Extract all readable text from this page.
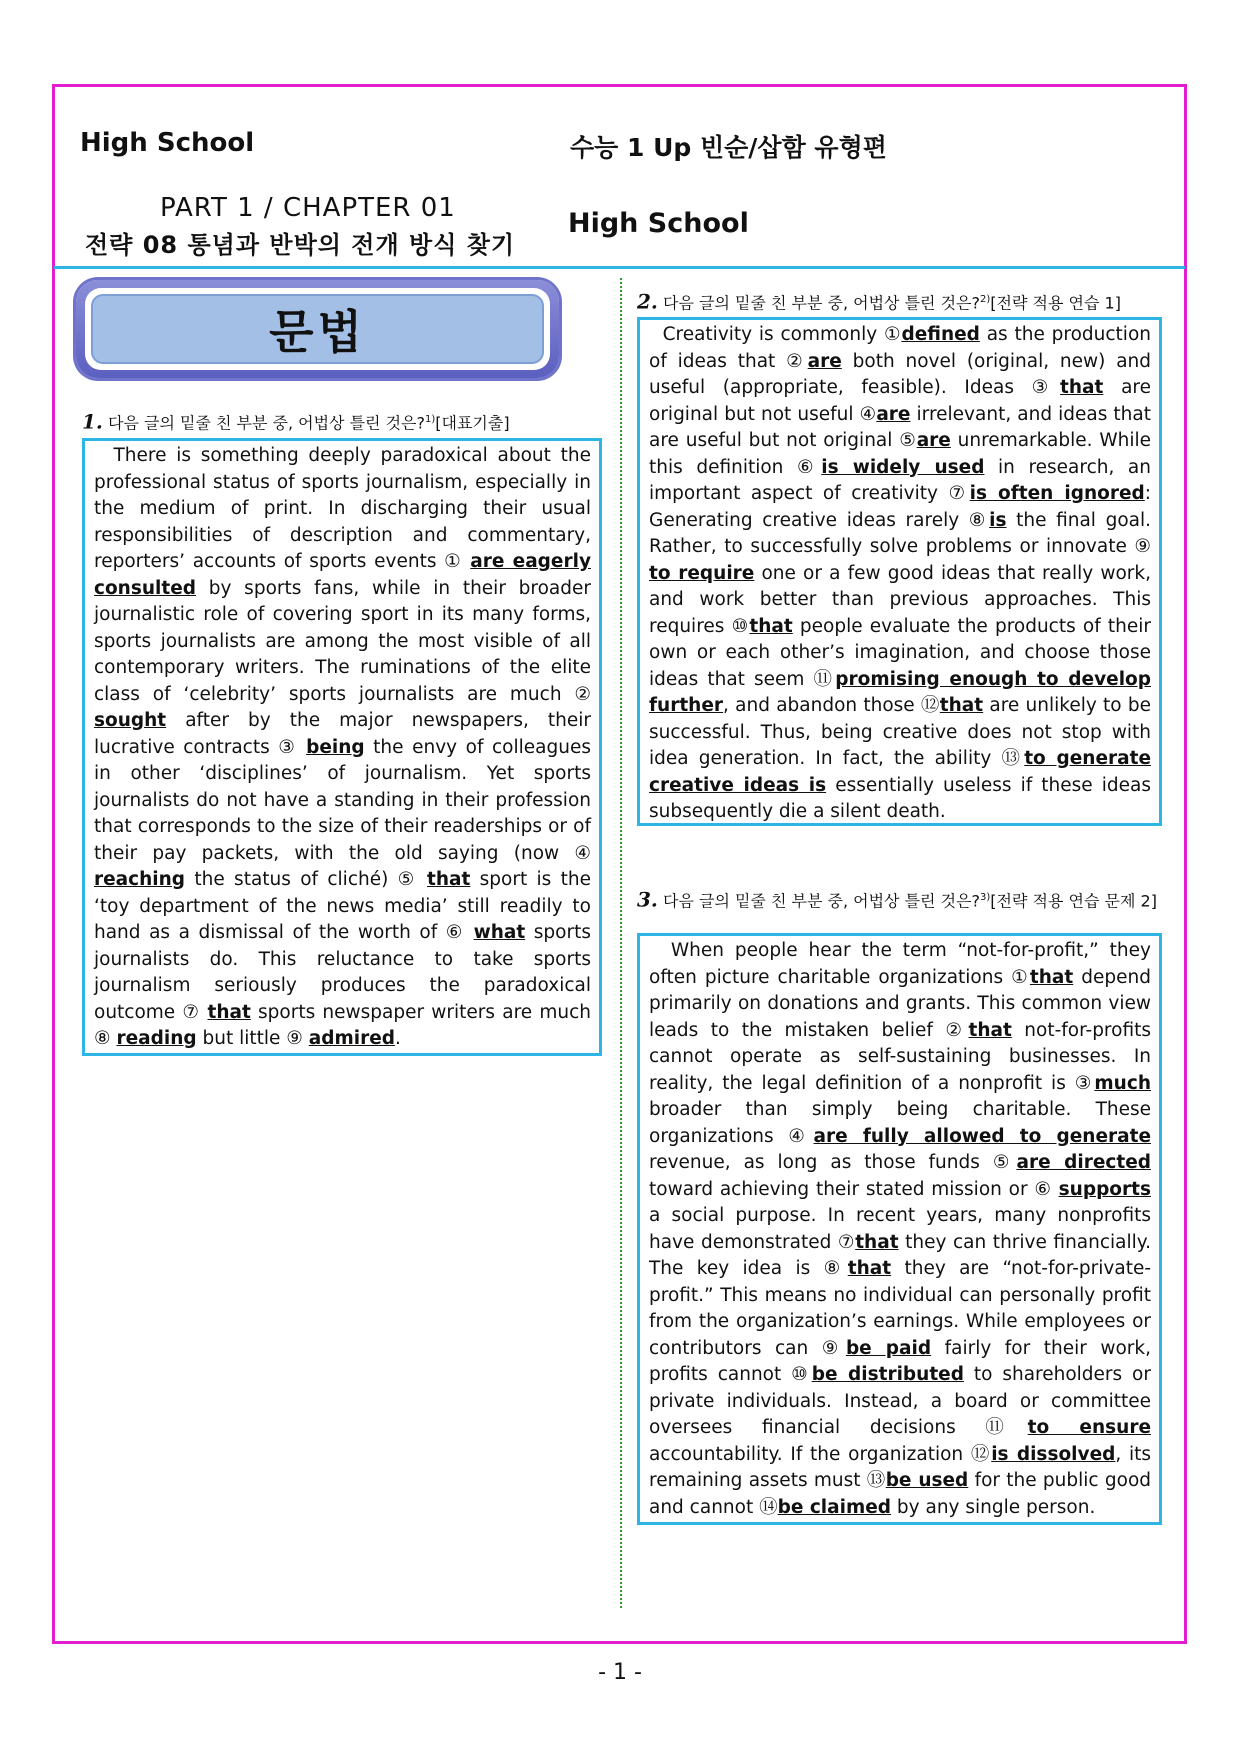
High School	수능 1 Up 빈순/삽함 유형편
PART 1 / CHAPTER 01
전략 08 통념과 반박의 전개 방식 찾기
High School
문법
1. 다음 글의 밑줄 친 부분 중, 어법상 틀린 것은?$^{1)}$[대표기출]
There is something deeply paradoxical about the professional status of sports journalism, especially in the medium of print. In discharging their usual responsibilities of description and commentary, reporters’ accounts of sports events ① are eagerly consulted by sports fans, while in their broader journalistic role of covering sport in its many forms, sports journalists are among the most visible of all contemporary writers. The ruminations of the elite class of ‘celebrity’ sports journalists are much ② sought after by the major newspapers, their lucrative contracts ③ being the envy of colleagues in other ‘disciplines’ of journalism. Yet sports journalists do not have a standing in their profession that corresponds to the size of their readerships or of their pay packets, with the old saying (now ④ reaching the status of cliché) ⑤ that sport is the ‘toy department of the news media’ still readily to hand as a dismissal of the worth of ⑥ what sports journalists do. This reluctance to take sports journalism seriously produces the paradoxical outcome ⑦ that sports newspaper writers are much ⑧ reading but little ⑨ admired.
2. 다음 글의 밑줄 친 부분 중, 어법상 틀린 것은?$^{2)}$[전략 적용 연습 1]
Creativity is commonly ①defined as the production of ideas that ②are both novel (original, new) and useful (appropriate, feasible). Ideas ③that are original but not useful ④are irrelevant, and ideas that are useful but not original ⑤are unremarkable. While this definition ⑥is widely used in research, an important aspect of creativity ⑦is often ignored: Generating creative ideas rarely ⑧is the final goal. Rather, to successfully solve problems or innovate ⑨ to require one or a few good ideas that really work, and work better than previous approaches. This requires ⑩that people evaluate the products of their own or each other’s imagination, and choose those ideas that seem ⑪promising enough to develop further, and abandon those ⑫that are unlikely to be successful. Thus, being creative does not stop with idea generation. In fact, the ability ⑬to generate creative ideas is essentially useless if these ideas subsequently die a silent death.
3. 다음 글의 밑줄 친 부분 중, 어법상 틀린 것은?$^{3)}$[전략 적용 연습 문제 2]
When people hear the term “not-for-profit,” they often picture charitable organizations ①that depend primarily on donations and grants. This common view leads to the mistaken belief ②that not-for-profits cannot operate as self-sustaining businesses. In reality, the legal definition of a nonprofit is ③much broader than simply being charitable. These organizations ④are fully allowed to generate revenue, as long as those funds ⑤are directed toward achieving their stated mission or ⑥ supports a social purpose. In recent years, many nonprofits have demonstrated ⑦that they can thrive financially. The key idea is ⑧that they are “not-for-private-profit.” This means no individual can personally profit from the organization’s earnings. While employees or contributors can ⑨be paid fairly for their work, profits cannot ⑩be distributed to shareholders or private individuals. Instead, a board or committee oversees financial decisions ⑪to ensure accountability. If the organization ⑫is dissolved, its remaining assets must ⑬be used for the public good and cannot ⑭be claimed by any single person.
- 1 -
